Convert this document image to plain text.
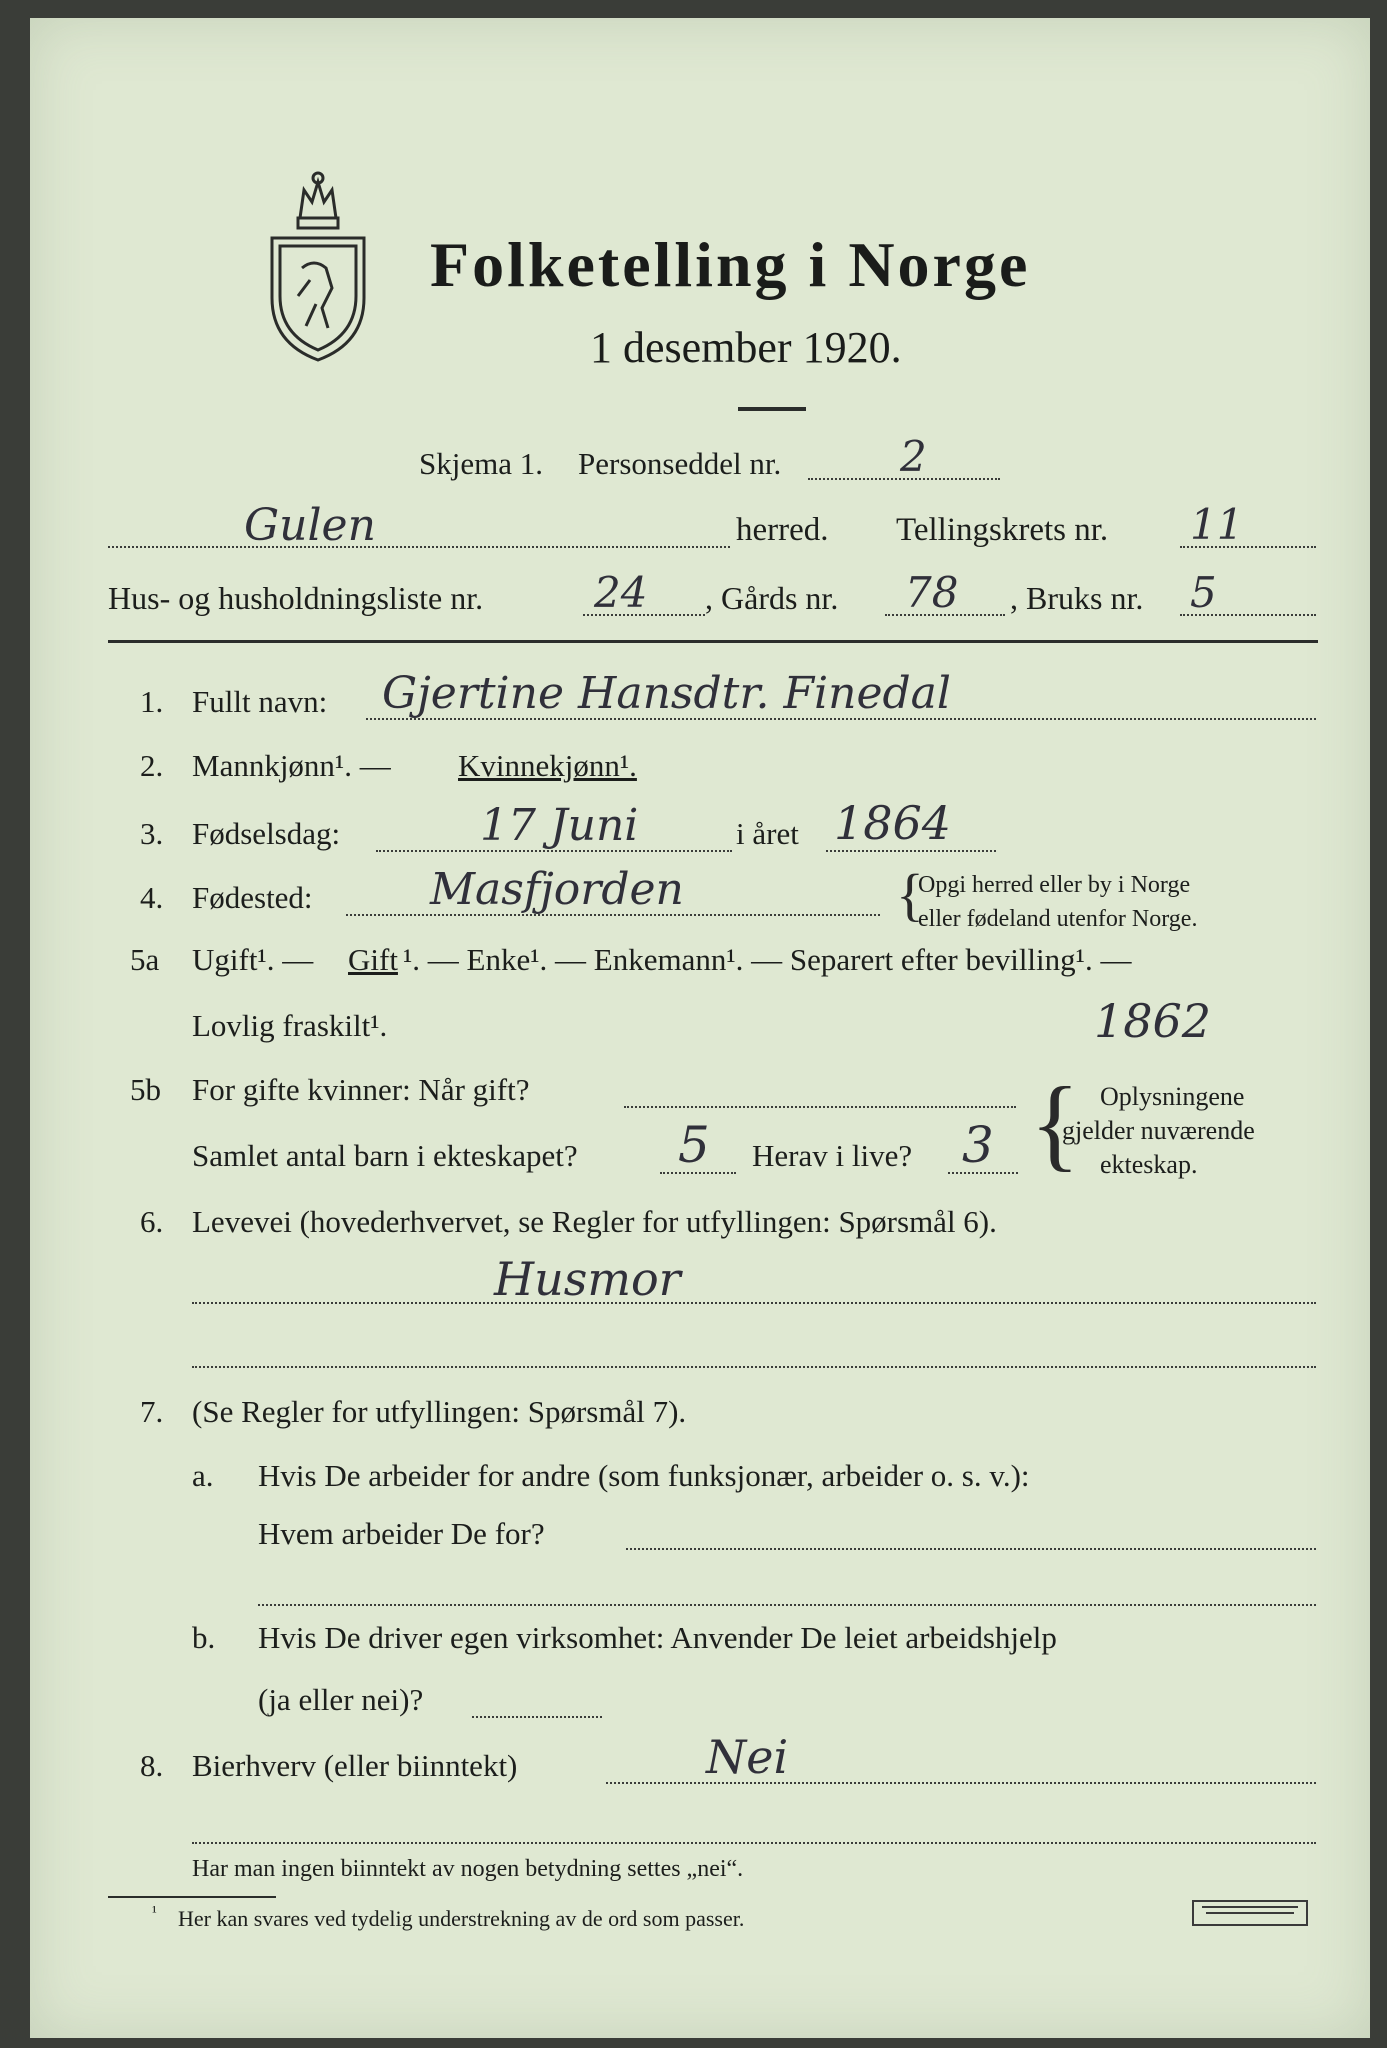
Folketelling i Norge
1 desember 1920.
Skjema 1. Personseddel nr.	2
Gulen	herred. Tellingskrets nr. 11
Hus- og husholdningsliste nr.	24 , Gårds nr. 78 , Bruks nr. 5
1. Fullt navn: Gjertine Hansdtr. Finedal
2. Mannkjønn¹. — Kvinnekjønn¹.
3. Fødselsdag:	17 Juni	i året 1864
4. Fødested:	Masfjorden	{
Opgi herred eller by i Norge
eller fødeland utenfor Norge.
5a Ugift¹. — Gift ¹. — Enke¹. — Enkemann¹. — Separert efter bevilling¹. —
Lovlig fraskilt¹.	1862
5b For gifte kvinner: Når gift?
Samlet antal barn i ekteskapet? 5 Herav i live? 3 { Oplysningene
gjelder nuværende
ekteskap.
6. Levevei (hovederhvervet, se Regler for utfyllingen: Spørsmål 6).
Husmor
7. (Se Regler for utfyllingen: Spørsmål 7).
a. Hvis De arbeider for andre (som funksjonær, arbeider o. s. v.):
Hvem arbeider De for?
b. Hvis De driver egen virksomhet: Anvender De leiet arbeidshjelp
(ja eller nei)?
8. Bierhverv (eller biinntekt)	Nei
Har man ingen biinntekt av nogen betydning settes „nei“.
¹ Her kan svares ved tydelig understrekning av de ord som passer.
